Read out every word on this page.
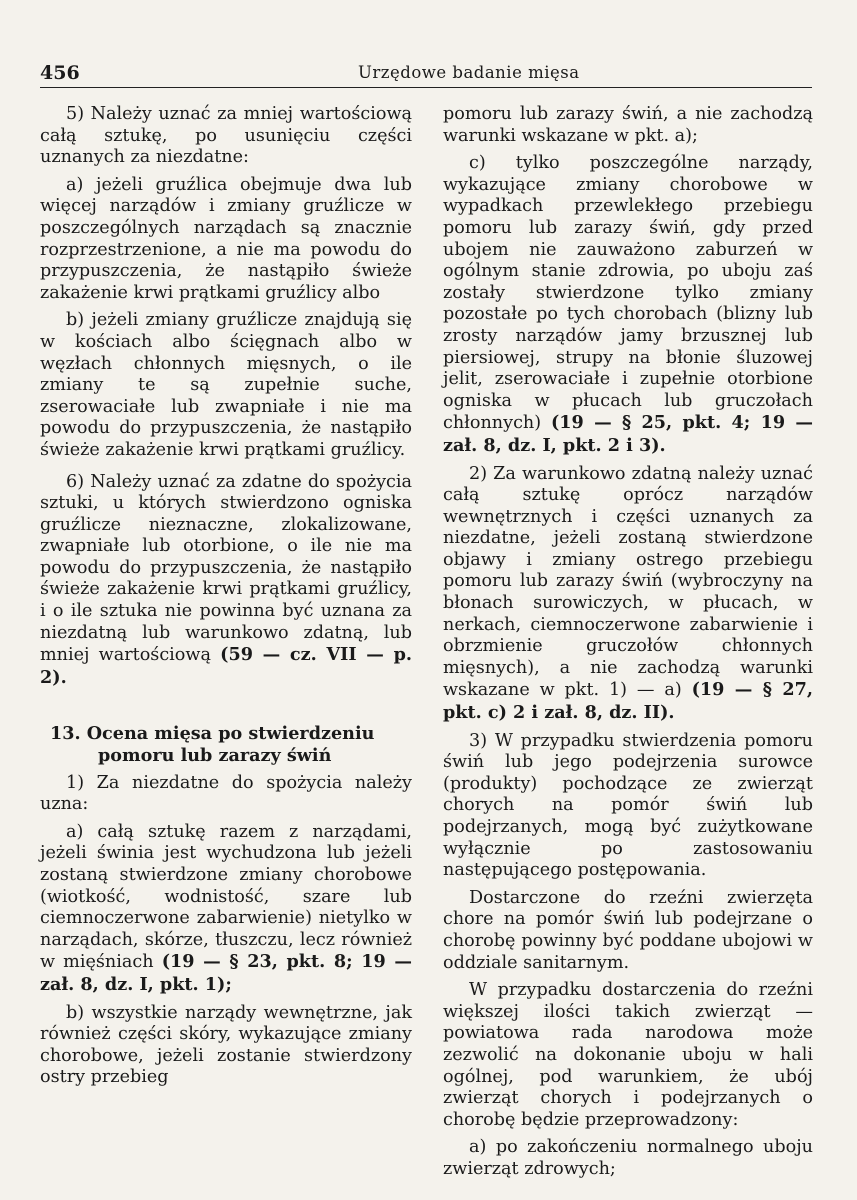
456	Urzędowe badanie mięsa

5) Należy uznać za mniej wartościową całą sztukę, po usunięciu części uznanych za niezdatne:

a) jeżeli gruźlica obejmuje dwa lub więcej narządów i zmiany gruźlicze w poszczególnych narządach są znacznie rozprzestrzenione, a nie ma powodu do przypuszczenia, że nastąpiło świeże zakażenie krwi prątkami gruźlicy albo

b) jeżeli zmiany gruźlicze znajdują się w kościach albo ścięgnach albo w węzłach chłonnych mięsnych, o ile zmiany te są zupełnie suche, zserowaciałe lub zwapniałe i nie ma powodu do przypuszczenia, że nastąpiło świeże zakażenie krwi prątkami gruźlicy.

6) Należy uznać za zdatne do spożycia sztuki, u których stwierdzono ogniska gruźlicze nieznaczne, zlokalizowane, zwapniałe lub otorbione, o ile nie ma powodu do przypuszczenia, że nastąpiło świeże zakażenie krwi prątkami gruźlicy, i o ile sztuka nie powinna być uznana za niezdatną lub warunkowo zdatną, lub mniej wartościową (59 — cz. VII — p. 2).

13. Ocena mięsa po stwierdzeniu pomoru lub zarazy świń

1) Za niezdatne do spożycia należy uzna:

a) całą sztukę razem z narządami, jeżeli świnia jest wychudzona lub jeżeli zostaną stwierdzone zmiany chorobowe (wiotkość, wodnistość, szare lub ciemnoczerwone zabarwienie) nietylko w narządach, skórze, tłuszczu, lecz również w mięśniach (19 — § 23, pkt. 8; 19 — zał. 8, dz. I, pkt. 1);

b) wszystkie narządy wewnętrzne, jak również części skóry, wykazujące zmiany chorobowe, jeżeli zostanie stwierdzony ostry przebieg

pomoru lub zarazy świń, a nie zachodzą warunki wskazane w pkt. a);

c) tylko poszczególne narządy, wykazujące zmiany chorobowe w wypadkach przewlekłego przebiegu pomoru lub zarazy świń, gdy przed ubojem nie zauważono zaburzeń w ogólnym stanie zdrowia, po uboju zaś zostały stwierdzone tylko zmiany pozostałe po tych chorobach (blizny lub zrosty narządów jamy brzusznej lub piersiowej, strupy na błonie śluzowej jelit, zserowaciałe i zupełnie otorbione ogniska w płucach lub gruczołach chłonnych) (19 — § 25, pkt. 4; 19 — zał. 8, dz. I, pkt. 2 i 3).

2) Za warunkowo zdatną należy uznać całą sztukę oprócz narządów wewnętrznych i części uznanych za niezdatne, jeżeli zostaną stwierdzone objawy i zmiany ostrego przebiegu pomoru lub zarazy świń (wybroczyny na błonach surowiczych, w płucach, w nerkach, ciemnoczerwone zabarwienie i obrzmienie gruczołów chłonnych mięsnych), a nie zachodzą warunki wskazane w pkt. 1) — a) (19 — § 27, pkt. c) 2 i zał. 8, dz. II).

3) W przypadku stwierdzenia pomoru świń lub jego podejrzenia surowce (produkty) pochodzące ze zwierząt chorych na pomór świń lub podejrzanych, mogą być zużytkowane wyłącznie po zastosowaniu następującego postępowania.

Dostarczone do rzeźni zwierzęta chore na pomór świń lub podejrzane o chorobę powinny być poddane ubojowi w oddziale sanitarnym.

W przypadku dostarczenia do rzeźni większej ilości takich zwierząt — powiatowa rada narodowa może zezwolić na dokonanie uboju w hali ogólnej, pod warunkiem, że ubój zwierząt chorych i podejrzanych o chorobę będzie przeprowadzony:

a) po zakończeniu normalnego uboju zwierząt zdrowych;
